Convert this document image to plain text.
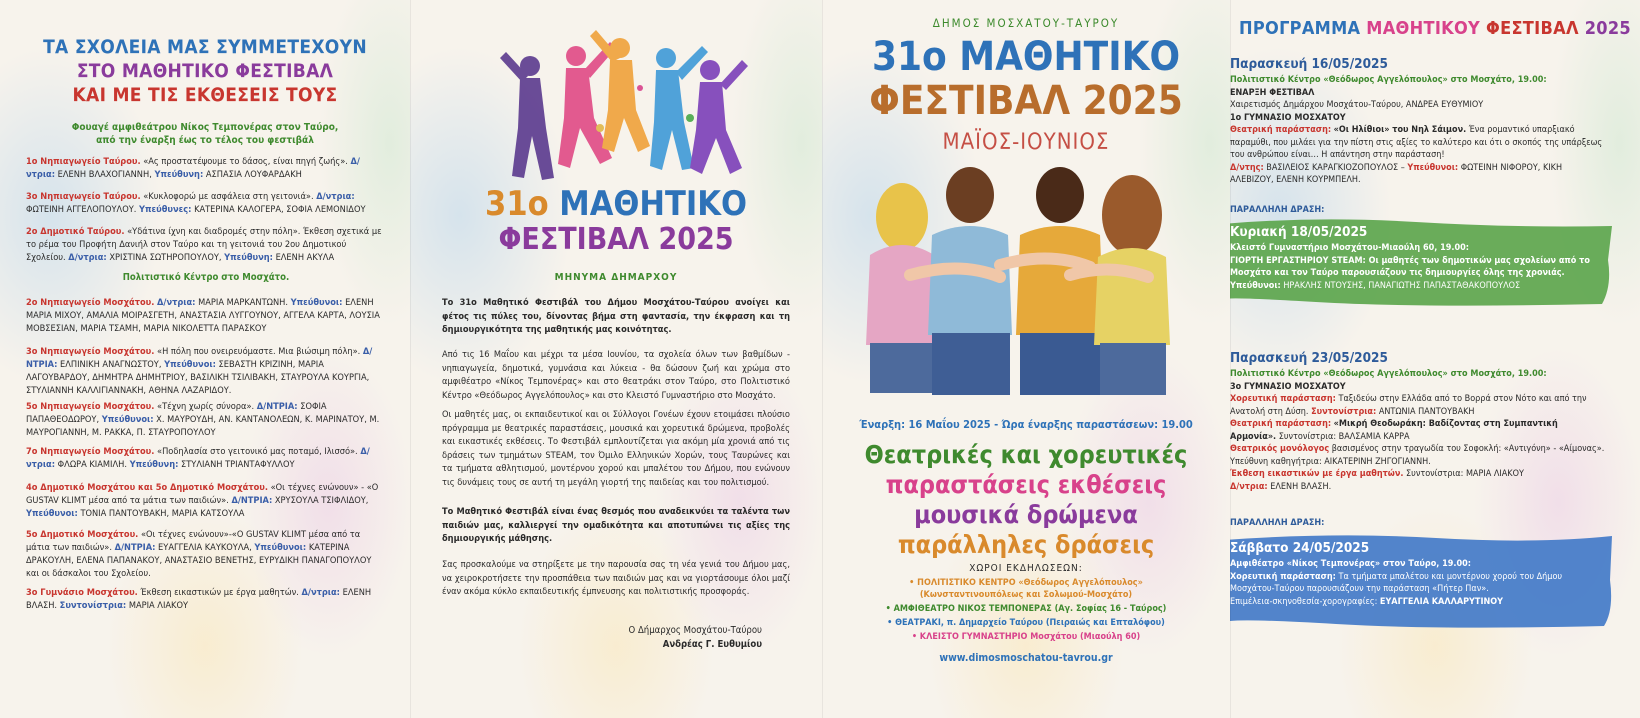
ΤΑ ΣΧΟΛΕΙΑ ΜΑΣ ΣΥΜΜΕΤΕΧΟΥΝ
ΣΤΟ ΜΑΘΗΤΙΚΟ ΦΕΣΤΙΒΑΛ
ΚΑΙ ΜΕ ΤΙΣ ΕΚΘΕΣΕΙΣ ΤΟΥΣ
Φουαγέ αμφιθεάτρου Νίκος Τεμπονέρας στον Ταύρο,
από την έναρξη έως το τέλος του φεστιβάλ
1ο Νηπιαγωγείο Ταύρου. «Ας προστατέψουμε το δάσος, είναι πηγή ζωής». Δ/ντρια: ΕΛΕΝΗ ΒΛΑΧΟΓΙΑΝΝΗ, Υπεύθυνη: ΑΣΠΑΣΙΑ ΛΟΥΦΑΡΔΑΚΗ
3ο Νηπιαγωγείο Ταύρου. «Κυκλοφορώ με ασφάλεια στη γειτονιά». Δ/ντρια: ΦΩΤΕΙΝΗ ΑΓΓΕΛΟΠΟΥΛΟΥ. Υπεύθυνες: ΚΑΤΕΡΙΝΑ ΚΑΛΟΓΕΡΑ, ΣΟΦΙΑ ΛΕΜΟΝΙΔΟΥ
2ο Δημοτικό Ταύρου. «Υδάτινα ίχνη και διαδρομές στην πόλη». Έκθεση σχετικά με το ρέμα του Προφήτη Δανιήλ στον Ταύρο και τη γειτονιά του 2ου Δημοτικού Σχολείου. Δ/ντρια: ΧΡΙΣΤΙΝΑ ΣΩΤΗΡΟΠΟΥΛΟΥ, Υπεύθυνη: ΕΛΕΝΗ ΑΚΥΛΑ
Πολιτιστικό Κέντρο στο Μοσχάτο.
2ο Νηπιαγωγείο Μοσχάτου. Δ/ντρια: ΜΑΡΙΑ ΜΑΡΚΑΝΤΩΝΗ. Υπεύθυνοι: ΕΛΕΝΗ ΜΑΡΙΑ ΜΙΧΟΥ, ΑΜΑΛΙΑ ΜΟΙΡΑΣΓΕΤΗ, ΑΝΑΣΤΑΣΙΑ ΛΥΓΓΟΥΝΟΥ, ΑΓΓΕΛΑ ΚΑΡΤΑ, ΛΟΥΣΙΑ ΜΟΒΣΕΣΙΑΝ, ΜΑΡΙΑ ΤΣΑΜΗ, ΜΑΡΙΑ ΝΙΚΟΛΕΤΤΑ ΠΑΡΑΣΚΟΥ
3ο Νηπιαγωγείο Μοσχάτου. «Η πόλη που ονειρευόμαστε. Μια βιώσιμη πόλη». Δ/ΝΤΡΙΑ: ΕΛΠΙΝΙΚΗ ΑΝΑΓΝΩΣΤΟΥ, Υπεύθυνοι: ΣΕΒΑΣΤΗ ΚΡΙΖΙΝΗ, ΜΑΡΙΑ ΛΑΓΟΥΒΑΡΔΟΥ, ΔΗΜΗΤΡΑ ΔΗΜΗΤΡΙΟΥ, ΒΑΣΙΛΙΚΗ ΤΣΙΛΙΒΑΚΗ, ΣΤΑΥΡΟΥΛΑ ΚΟΥΡΓΙΑ, ΣΤΥΛΙΑΝΝΗ ΚΑΛΛΙΓΙΑΝΝΑΚΗ, ΑΘΗΝΑ ΛΑΖΑΡΙΔΟΥ.
5ο Νηπιαγωγείο Μοσχάτου. «Τέχνη χωρίς σύνορα». Δ/ΝΤΡΙΑ: ΣΟΦΙΑ ΠΑΠΑΘΕΟΔΩΡΟΥ, Υπεύθυνοι: Χ. ΜΑΥΡΟΥΔΗ, ΑΝ. ΚΑΝΤΑΝΟΛΕΩΝ, Κ. ΜΑΡΙΝΑΤΟΥ, Μ. ΜΑΥΡΟΓΙΑΝΝΗ, Μ. ΡΑΚΚΑ, Π. ΣΤΑΥΡΟΠΟΥΛΟΥ
7ο Νηπιαγωγείο Μοσχάτου. «Ποδηλασία στο γειτονικό μας ποταμό, Ιλισσό». Δ/ντρια: ΦΛΩΡΑ ΚΙΑΜΙΛΗ. Υπεύθυνη: ΣΤΥΛΙΑΝΗ ΤΡΙΑΝΤΑΦΥΛΛΟΥ
4ο Δημοτικό Μοσχάτου και 5ο Δημοτικό Μοσχάτου. «Οι τέχνες ενώνουν» - «Ο GUSTAV KLIMT μέσα από τα μάτια των παιδιών». Δ/ΝΤΡΙΑ: ΧΡΥΣΟΥΛΑ ΤΣΙΦΛΙΔΟΥ, Υπεύθυνοι: ΤΟΝΙΑ ΠΑΝΤΟΥΒΑΚΗ, ΜΑΡΙΑ ΚΑΤΣΟΥΛΑ
5ο Δημοτικό Μοσχάτου. «Οι τέχνες ενώνουν»-«Ο GUSTAV KLIMT μέσα από τα μάτια των παιδιών». Δ/ΝΤΡΙΑ: ΕΥΑΓΓΕΛΙΑ ΚΑΥΚΟΥΛΑ, Υπεύθυνοι: ΚΑΤΕΡΙΝΑ ΔΡΑΚΟΥΛΗ, ΕΛΕΝΑ ΠΑΠΑΝΑΚΟΥ, ΑΝΑΣΤΑΣΙΟ ΒΕΝΕΤΗΣ, ΕΥΡΥΔΙΚΗ ΠΑΝΑΓΟΠΟΥΛΟΥ και οι δάσκαλοι του Σχολείου.
3ο Γυμνάσιο Μοσχάτου. Έκθεση εικαστικών με έργα μαθητών. Δ/ντρια: ΕΛΕΝΗ ΒΛΑΣΗ. Συντονίστρια: ΜΑΡΙΑ ΛΙΑΚΟΥ
31ο ΜΑΘΗΤΙΚΟ
ΦΕΣΤΙΒΑΛ 2025
ΜΗΝΥΜΑ ΔΗΜΑΡΧΟΥ
Το 31ο Μαθητικό Φεστιβάλ του Δήμου Μοσχάτου-Ταύρου ανοίγει και φέτος τις πύλες του, δίνοντας βήμα στη φαντασία, την έκφραση και τη δημιουργικότητα της μαθητικής μας κοινότητας.
Από τις 16 Μαΐου και μέχρι τα μέσα Ιουνίου, τα σχολεία όλων των βαθμίδων - νηπιαγωγεία, δημοτικά, γυμνάσια και λύκεια - θα δώσουν ζωή και χρώμα στο αμφιθέατρο «Νίκος Τεμπονέρας» και στο θεατράκι στον Ταύρο, στο Πολιτιστικό Κέντρο «Θεόδωρος Αγγελόπουλος» και στο Κλειστό Γυμναστήριο στο Μοσχάτο.
Οι μαθητές μας, οι εκπαιδευτικοί και οι Σύλλογοι Γονέων έχουν ετοιμάσει πλούσιο πρόγραμμα με θεατρικές παραστάσεις, μουσικά και χορευτικά δρώμενα, προβολές και εικαστικές εκθέσεις. Το Φεστιβάλ εμπλουτίζεται για ακόμη μία χρονιά από τις δράσεις των τμημάτων STEAM, τον Όμιλο Ελληνικών Χορών, τους Ταυρώνες και τα τμήματα αθλητισμού, μοντέρνου χορού και μπαλέτου του Δήμου, που ενώνουν τις δυνάμεις τους σε αυτή τη μεγάλη γιορτή της παιδείας και του πολιτισμού.
Το Μαθητικό Φεστιβάλ είναι ένας θεσμός που αναδεικνύει τα ταλέντα των παιδιών μας, καλλιεργεί την ομαδικότητα και αποτυπώνει τις αξίες της δημιουργικής μάθησης.
Σας προσκαλούμε να στηρίξετε με την παρουσία σας τη νέα γενιά του Δήμου μας, να χειροκροτήσετε την προσπάθεια των παιδιών μας και να γιορτάσουμε όλοι μαζί έναν ακόμα κύκλο εκπαιδευτικής έμπνευσης και πολιτιστικής προσφοράς.
Ο Δήμαρχος Μοσχάτου-Ταύρου
Ανδρέας Γ. Ευθυμίου
ΔΗΜΟΣ ΜΟΣΧΑΤΟΥ-ΤΑΥΡΟΥ
31ο ΜΑΘΗΤΙΚΟ
ΦΕΣΤΙΒΑΛ 2025
ΜΑΪΟΣ-ΙΟΥΝΙΟΣ
Έναρξη: 16 Μαΐου 2025 - Ώρα έναρξης παραστάσεων: 19.00
Θεατρικές και χορευτικές
παραστάσεις εκθέσεις
μουσικά δρώμενα
παράλληλες δράσεις
ΧΩΡΟΙ ΕΚΔΗΛΩΣΕΩΝ:
• ΠΟΛΙΤΙΣΤΙΚΟ ΚΕΝΤΡΟ «Θεόδωρος Αγγελόπουλος»
(Κωνσταντινουπόλεως και Σολωμού-Μοσχάτο)
• ΑΜΦΙΘΕΑΤΡΟ ΝΙΚΟΣ ΤΕΜΠΟΝΕΡΑΣ (Αγ. Σοφίας 16 - Ταύρος)
• ΘΕΑΤΡΑΚΙ, π. Δημαρχείο Ταύρου (Πειραιώς και Επταλόφου)
• ΚΛΕΙΣΤΟ ΓΥΜΝΑΣΤΗΡΙΟ Μοσχάτου (Μιαούλη 60)
www.dimosmoschatou-tavrou.gr
ΠΡΟΓΡΑΜΜΑ ΜΑΘΗΤΙΚΟΥ ΦΕΣΤΙΒΑΛ 2025
Παρασκευή 16/05/2025
Πολιτιστικό Κέντρο «Θεόδωρος Αγγελόπουλος» στο Μοσχάτο, 19.00:
ΕΝΑΡΞΗ ΦΕΣΤΙΒΑΛ
Χαιρετισμός Δημάρχου Μοσχάτου-Ταύρου, ΑΝΔΡΕΑ ΕΥΘΥΜΙΟΥ
1ο ΓΥΜΝΑΣΙΟ ΜΟΣΧΑΤΟΥ
Θεατρική παράσταση: «Οι Ηλίθιοι» του Νηλ Σάιμον. Ένα ρομαντικό υπαρξιακό παραμύθι, που μιλάει για την πίστη στις αξίες το καλύτερο και ότι ο σκοπός της υπάρξεως του ανθρώπου είναι… Η απάντηση στην παράσταση!
Δ/ντης: ΒΑΣΙΛΕΙΟΣ ΚΑΡΑΓΚΙΟΖΟΠΟΥΛΟΣ – Υπεύθυνοι: ΦΩΤΕΙΝΗ ΝΙΦΟΡΟΥ, ΚΙΚΗ ΑΛΕΒΙΖΟΥ, ΕΛΕΝΗ ΚΟΥΡΜΠΕΛΗ.
ΠΑΡΑΛΛΗΛΗ ΔΡΑΣΗ:
Κυριακή 18/05/2025
Κλειστό Γυμναστήριο Μοσχάτου-Μιαούλη 60, 19.00:
ΓΙΟΡΤΗ ΕΡΓΑΣΤΗΡΙΟΥ STEAM: Οι μαθητές των δημοτικών μας σχολείων από το Μοσχάτο και τον Ταύρο παρουσιάζουν τις δημιουργίες όλης της χρονιάς.
Υπεύθυνοι: ΗΡΑΚΛΗΣ ΝΤΟΥΣΗΣ, ΠΑΝΑΓΙΩΤΗΣ ΠΑΠΑΣΤΑΘΑΚΟΠΟΥΛΟΣ
Παρασκευή 23/05/2025
Πολιτιστικό Κέντρο «Θεόδωρος Αγγελόπουλος» στο Μοσχάτο, 19.00:
3ο ΓΥΜΝΑΣΙΟ ΜΟΣΧΑΤΟΥ
Χορευτική παράσταση: Ταξιδεύω στην Ελλάδα από το Βορρά στον Νότο και από την Ανατολή στη Δύση. Συντονίστρια: ΑΝΤΩΝΙΑ ΠΑΝΤΟΥΒΑΚΗ
Θεατρική παράσταση: «Μικρή Θεοδωράκη: Βαδίζοντας στη Συμπαντική Αρμονία». Συντονίστρια: ΒΑΛΣΑΜΙΑ ΚΑΡΡΑ
Θεατρικός μονόλογος βασισμένος στην τραγωδία του Σοφοκλή: «Αντιγόνη» - «Αίμονας». Υπεύθυνη καθηγήτρια: ΑΙΚΑΤΕΡΙΝΗ ΖΗΓΟΓΙΑΝΝΗ.
Έκθεση εικαστικών με έργα μαθητών. Συντονίστρια: ΜΑΡΙΑ ΛΙΑΚΟΥ
Δ/ντρια: ΕΛΕΝΗ ΒΛΑΣΗ.
ΠΑΡΑΛΛΗΛΗ ΔΡΑΣΗ:
Σάββατο 24/05/2025
Αμφιθέατρο «Νίκος Τεμπονέρας» στον Ταύρο, 19.00:
Χορευτική παράσταση: Τα τμήματα μπαλέτου και μοντέρνου χορού του Δήμου Μοσχάτου-Ταύρου παρουσιάζουν την παράσταση «Πήτερ Παν».
Επιμέλεια-σκηνοθεσία-χορογραφίες: ΕΥΑΓΓΕΛΙΑ ΚΑΛΛΑΡΥΤΙΝΟΥ
